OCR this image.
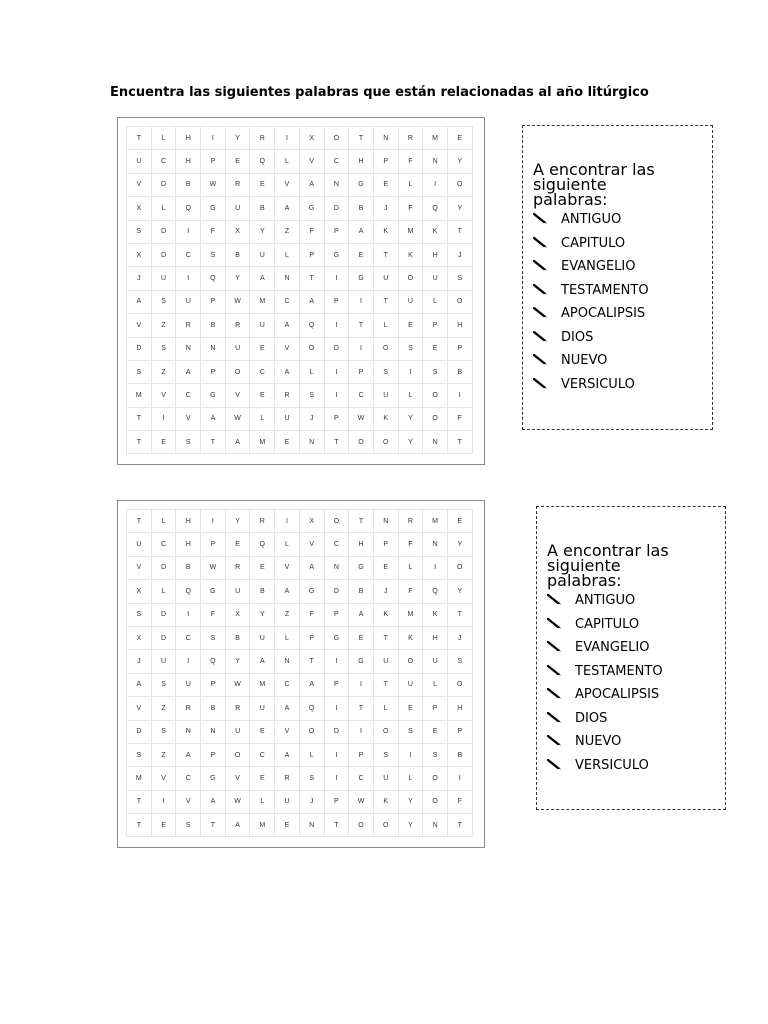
Encuentra las siguientes palabras que están relacionadas al año litúrgico
T	L	H	I	Y	R	I	X	O	T	N	R	M	E
U	C	H	P	E	Q	L	V	C	H	P	F	N	Y
V	D	B	W	R	E	V	A	N	G	E	L	I	O
X	L	Q	G	U	B	A	G	D	B	J	F	Q	Y
S	D	I	F	X	Y	Z	F	P	A	K	M	K	T
X	D	C	S	B	U	L	P	G	E	T	K	H	J
J	U	I	Q	Y	A	N	T	I	G	U	O	U	S
A	S	U	P	W	M	C	A	P	I	T	U	L	O
V	Z	R	B	R	U	A	Q	I	T	L	E	P	H
D	S	N	N	U	E	V	O	D	I	O	S	E	P
S	Z	A	P	O	C	A	L	I	P	S	I	S	B
M	V	C	G	V	E	R	S	I	C	U	L	O	I
T	I	V	A	W	L	U	J	P	W	K	Y	O	F
T	E	S	T	A	M	E	N	T	O	O	Y	N	T
A encontrar las siguiente palabras:
ANTIGUO
CAPITULO
EVANGELIO
TESTAMENTO
APOCALIPSIS
DIOS
NUEVO
VERSICULO
T	L	H	I	Y	R	I	X	O	T	N	R	M	E
U	C	H	P	E	Q	L	V	C	H	P	F	N	Y
V	D	B	W	R	E	V	A	N	G	E	L	I	O
X	L	Q	G	U	B	A	G	D	B	J	F	Q	Y
S	D	I	F	X	Y	Z	F	P	A	K	M	K	T
X	D	C	S	B	U	L	P	G	E	T	K	H	J
J	U	I	Q	Y	A	N	T	I	G	U	O	U	S
A	S	U	P	W	M	C	A	P	I	T	U	L	O
V	Z	R	B	R	U	A	Q	I	T	L	E	P	H
D	S	N	N	U	E	V	O	D	I	O	S	E	P
S	Z	A	P	O	C	A	L	I	P	S	I	S	B
M	V	C	G	V	E	R	S	I	C	U	L	O	I
T	I	V	A	W	L	U	J	P	W	K	Y	O	F
T	E	S	T	A	M	E	N	T	O	O	Y	N	T
A encontrar las siguiente palabras:
ANTIGUO
CAPITULO
EVANGELIO
TESTAMENTO
APOCALIPSIS
DIOS
NUEVO
VERSICULO
